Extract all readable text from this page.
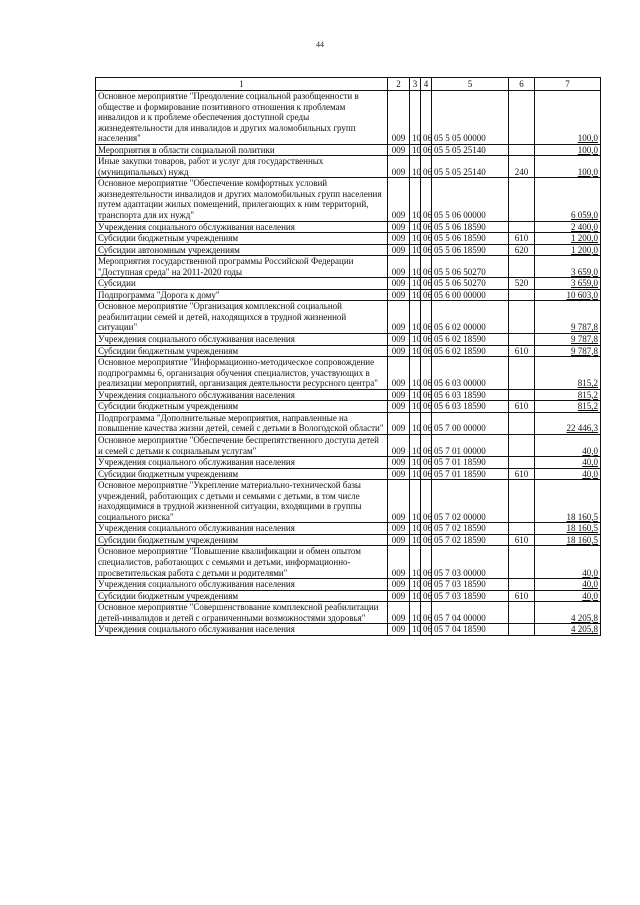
44
1	2	3	4	5	6	7
Основное мероприятие "Преодоление социальной разобщенности в обществе и формирование позитивного отношения к проблемам инвалидов и к проблеме обеспечения доступной среды жизнедеятельности для инвалидов и других маломобильных групп населения"	009	10	06	05 5 05 00000		100,0
Мероприятия в области социальной политики	009	10	06	05 5 05 25140		100,0
Иные закупки товаров, работ и услуг для государственных (муниципальных) нужд	009	10	06	05 5 05 25140	240	100,0
Основное мероприятие "Обеспечение комфортных условий жизнедеятельности инвалидов и других маломобильных групп населения путем адаптации жилых помещений, прилегающих к ним территорий, транспорта для их нужд"	009	10	06	05 5 06 00000		6 059,0
Учреждения социального обслуживания населения	009	10	06	05 5 06 18590		2 400,0
Субсидии бюджетным учреждениям	009	10	06	05 5 06 18590	610	1 200,0
Субсидии автономным учреждениям	009	10	06	05 5 06 18590	620	1 200,0
Мероприятия государственной программы Российской Федерации "Доступная среда" на 2011-2020 годы	009	10	06	05 5 06 50270		3 659,0
Субсидии	009	10	06	05 5 06 50270	520	3 659,0
Подпрограмма "Дорога к дому"	009	10	06	05 6 00 00000		10 603,0
Основное мероприятие "Организация комплексной социальной реабилитации семей и детей, находящихся в трудной жизненной ситуации"	009	10	06	05 6 02 00000		9 787,8
Учреждения социального обслуживания населения	009	10	06	05 6 02 18590		9 787,8
Субсидии бюджетным учреждениям	009	10	06	05 6 02 18590	610	9 787,8
Основное мероприятие "Информационно-методическое сопровождение подпрограммы 6, организация обучения специалистов, участвующих в реализации мероприятий, организация деятельности ресурсного центра"	009	10	06	05 6 03 00000		815,2
Учреждения социального обслуживания населения	009	10	06	05 6 03 18590		815,2
Субсидии бюджетным учреждениям	009	10	06	05 6 03 18590	610	815,2
Подпрограмма "Дополнительные мероприятия, направленные на повышение качества жизни детей, семей с детьми в Вологодской области"	009	10	06	05 7 00 00000		22 446,3
Основное мероприятие "Обеспечение беспрепятственного доступа детей и семей с детьми к социальным услугам"	009	10	06	05 7 01 00000		40,0
Учреждения социального обслуживания населения	009	10	06	05 7 01 18590		40,0
Субсидии бюджетным учреждениям	009	10	06	05 7 01 18590	610	40,0
Основное мероприятие "Укрепление материально-технической базы учреждений, работающих с детьми и семьями с детьми, в том числе находящимися в трудной жизненной ситуации, входящими в группы социального риска"	009	10	06	05 7 02 00000		18 160,5
Учреждения социального обслуживания населения	009	10	06	05 7 02 18590		18 160,5
Субсидии бюджетным учреждениям	009	10	06	05 7 02 18590	610	18 160,5
Основное мероприятие "Повышение квалификации и обмен опытом специалистов, работающих с семьями и детьми, информационно-просветительская работа с детьми и родителями"	009	10	06	05 7 03 00000		40,0
Учреждения социального обслуживания населения	009	10	06	05 7 03 18590		40,0
Субсидии бюджетным учреждениям	009	10	06	05 7 03 18590	610	40,0
Основное мероприятие "Совершенствование комплексной реабилитации детей-инвалидов и детей с ограниченными возможностями здоровья"	009	10	06	05 7 04 00000		4 205,8
Учреждения социального обслуживания населения	009	10	06	05 7 04 18590		4 205,8
